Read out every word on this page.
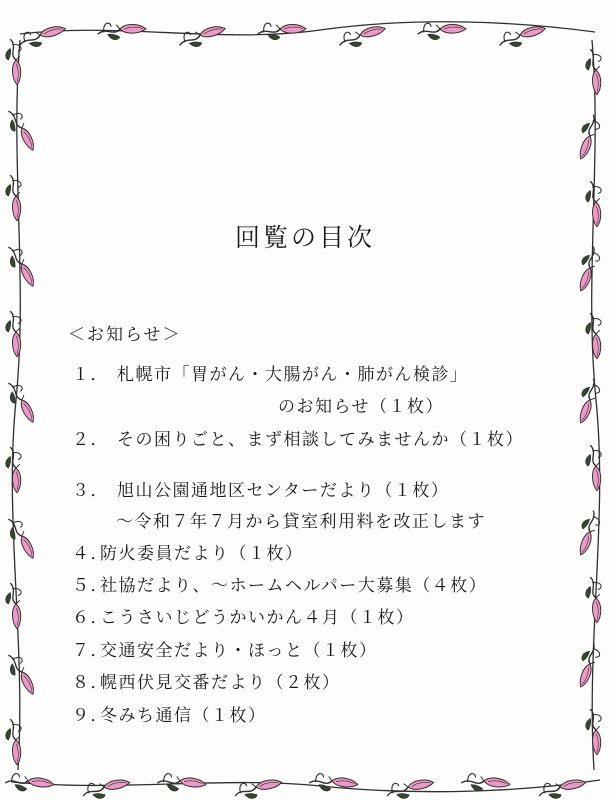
回覧の目次
＜お知らせ＞
１． 札幌市「胃がん・大腸がん・肺がん検診」
のお知らせ（１枚）
２． その困りごと、まず相談してみませんか（１枚）
３． 旭山公園通地区センターだより（１枚）
～令和７年７月から貸室利用料を改正します
４．
防火委員だより（１枚）
５．
社協だより、～ホームヘルパー大募集（４枚）
６．
こうさいじどうかいかん４月（１枚）
７．
交通安全だより・ほっと（１枚）
８．
幌西伏見交番だより（２枚）
９．
冬みち通信（１枚）
